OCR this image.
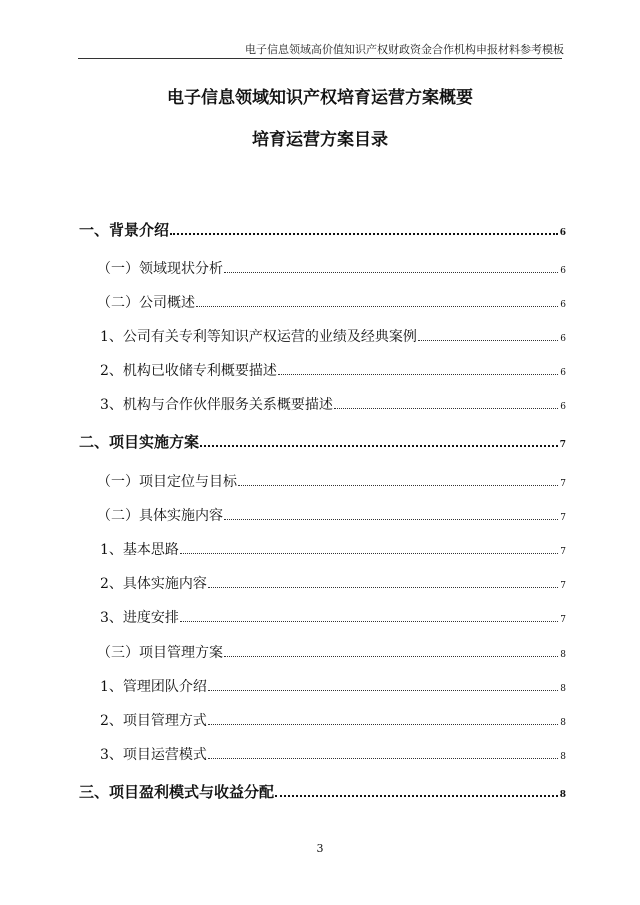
电子信息领域高价值知识产权财政资金合作机构申报材料参考模板
电子信息领域知识产权培育运营方案概要
培育运营方案目录
一、背景介绍	6
（一）领域现状分析	6
（二）公司概述	6
1、公司有关专利等知识产权运营的业绩及经典案例	6
2、机构已收储专利概要描述	6
3、机构与合作伙伴服务关系概要描述	6
二、项目实施方案	7
（一）项目定位与目标	7
（二）具体实施内容	7
1、基本思路	7
2、具体实施内容	7
3、进度安排	7
（三）项目管理方案	8
1、管理团队介绍	8
2、项目管理方式	8
3、项目运营模式	8
三、项目盈利模式与收益分配	8
3
